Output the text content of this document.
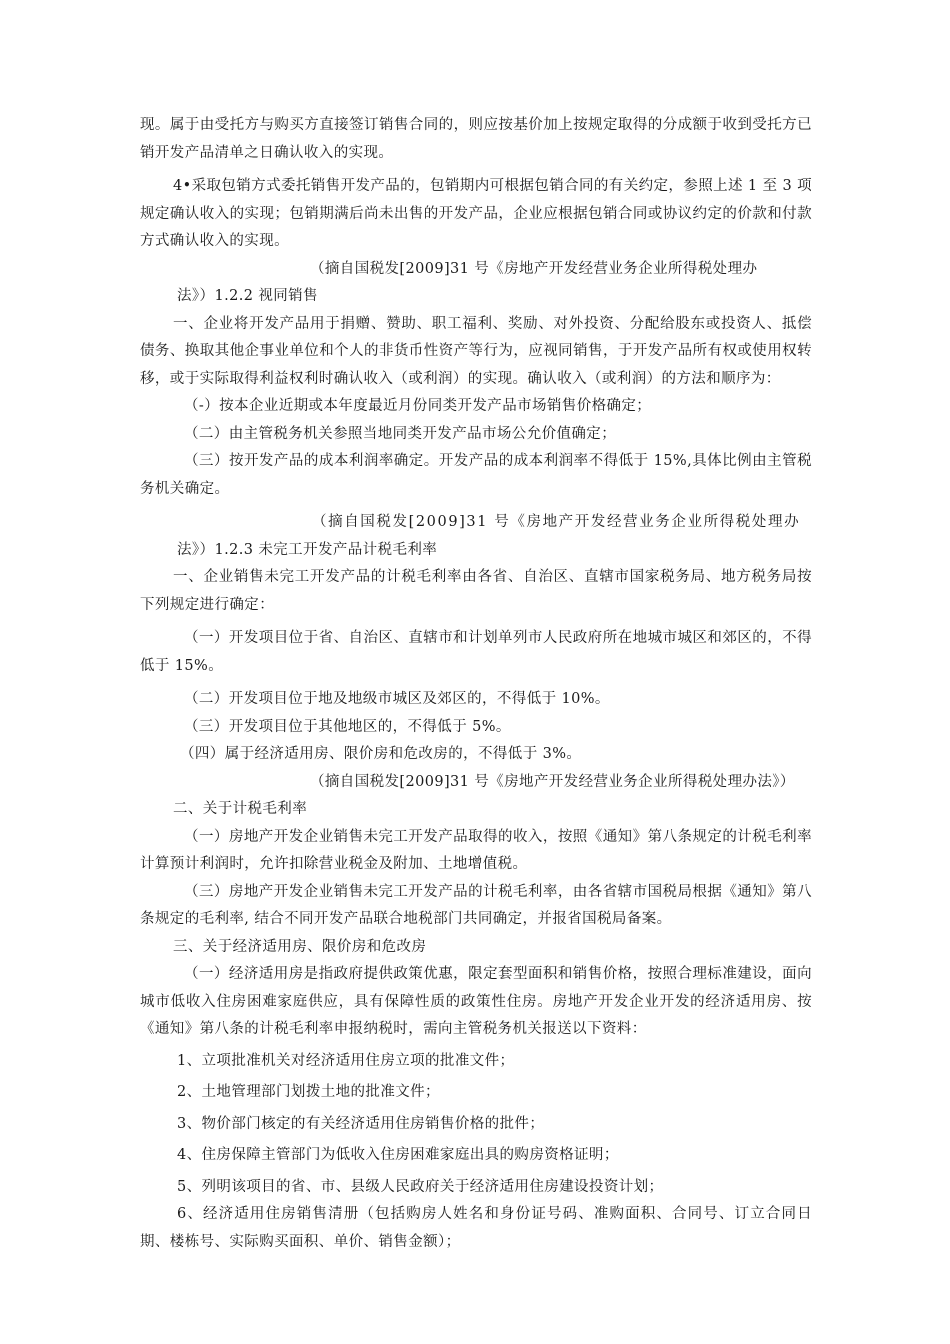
现。属于由受托方与购买方直接签订销售合同的，则应按基价加上按规定取得的分成额于收到受托方已销开发产品清单之日确认收入的实现。

4•采取包销方式委托销售开发产品的，包销期内可根据包销合同的有关约定，参照上述 1 至 3 项规定确认收入的实现；包销期满后尚未出售的开发产品，企业应根据包销合同或协议约定的价款和付款方式确认收入的实现。

（摘自国税发[2009]31 号《房地产开发经营业务企业所得税处理办

法》）1.2.2 视同销售

一、企业将开发产品用于捐赠、赞助、职工福利、奖励、对外投资、分配给股东或投资人、抵偿债务、换取其他企事业单位和个人的非货币性资产等行为，应视同销售，于开发产品所有权或使用权转移，或于实际取得利益权利时确认收入（或利润）的实现。确认收入（或利润）的方法和顺序为：

（-）按本企业近期或本年度最近月份同类开发产品市场销售价格确定；

（二）由主管税务机关参照当地同类开发产品市场公允价值确定；

（三）按开发产品的成本利润率确定。开发产品的成本利润率不得低于 15%,具体比例由主管税务机关确定。

（摘自国税发[2009]31 号《房地产开发经营业务企业所得税处理办

法》）1.2.3 未完工开发产品计税毛利率

一、企业销售未完工开发产品的计税毛利率由各省、自治区、直辖市国家税务局、地方税务局按下列规定进行确定：

（一）开发项目位于省、自治区、直辖市和计划单列市人民政府所在地城市城区和郊区的，不得低于 15%。

（二）开发项目位于地及地级市城区及郊区的，不得低于 10%。

（三）开发项目位于其他地区的，不得低于 5%。

（四）属于经济适用房、限价房和危改房的，不得低于 3%。

（摘自国税发[2009]31 号《房地产开发经营业务企业所得税处理办法》）

二、关于计税毛利率

（一）房地产开发企业销售未完工开发产品取得的收入，按照《通知》第八条规定的计税毛利率计算预计利润时，允许扣除营业税金及附加、土地增值税。

（三）房地产开发企业销售未完工开发产品的计税毛利率，由各省辖市国税局根据《通知》第八条规定的毛利率, 结合不同开发产品联合地税部门共同确定，并报省国税局备案。

三、关于经济适用房、限价房和危改房

（一）经济适用房是指政府提供政策优惠，限定套型面积和销售价格，按照合理标准建设，面向城市低收入住房困难家庭供应，具有保障性质的政策性住房。房地产开发企业开发的经济适用房、按《通知》第八条的计税毛利率申报纳税时，需向主管税务机关报送以下资料：

1、立项批准机关对经济适用住房立项的批准文件；

2、土地管理部门划拨土地的批准文件；

3、物价部门核定的有关经济适用住房销售价格的批件；

4、住房保障主管部门为低收入住房困难家庭出具的购房资格证明；

5、列明该项目的省、市、县级人民政府关于经济适用住房建设投资计划；

6、经济适用住房销售清册（包括购房人姓名和身份证号码、准购面积、合同号、订立合同日期、楼栋号、实际购买面积、单价、销售金额）；
